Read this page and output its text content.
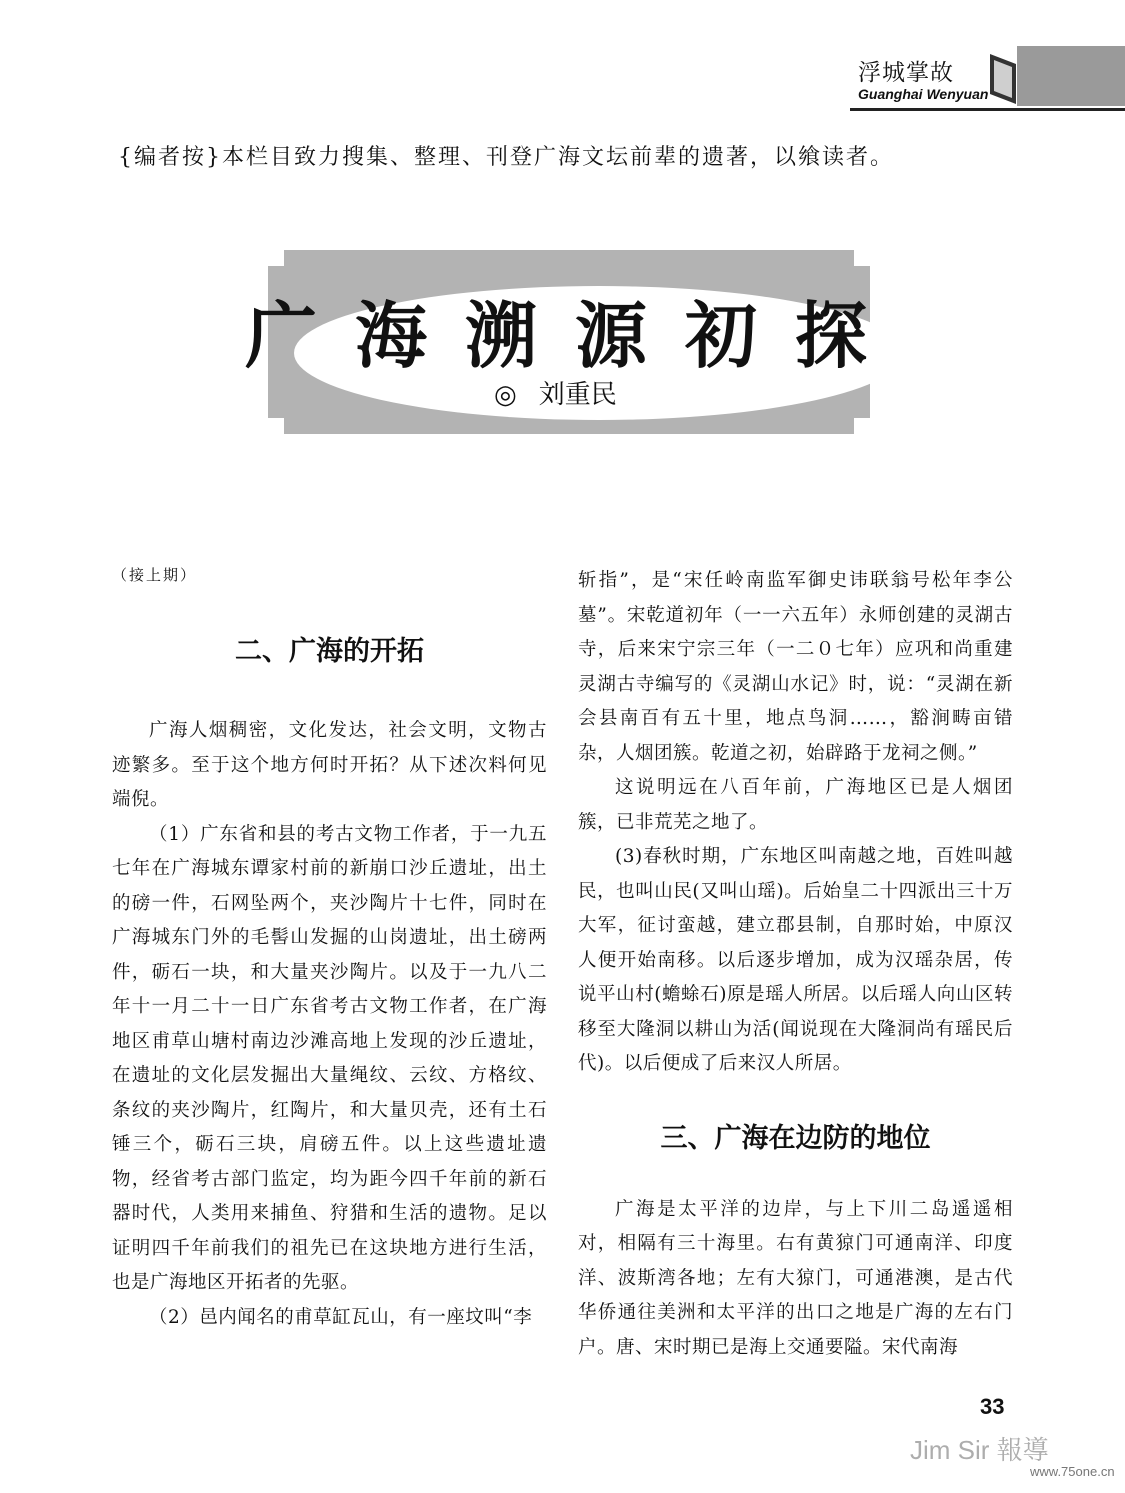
浮城掌故
Guanghai Wenyuan
{编者按}本栏目致力搜集、整理、刊登广海文坛前辈的遗著，以飨读者。
广海溯源初探
◎ 刘重民

（接上期）

二、广海的开拓

广海人烟稠密，文化发达，社会文明，文物古迹繁多。至于这个地方何时开拓？从下述次料何见端倪。

（1）广东省和县的考古文物工作者，于一九五七年在广海城东谭家村前的新崩口沙丘遗址，出土的磅一件，石网坠两个，夹沙陶片十七件，同时在广海城东门外的毛髻山发掘的山岗遗址，出土磅两件，砺石一块，和大量夹沙陶片。以及于一九八二年十一月二十一日广东省考古文物工作者，在广海地区甫草山塘村南边沙滩高地上发现的沙丘遗址，在遗址的文化层发掘出大量绳纹、云纹、方格纹、条纹的夹沙陶片，红陶片，和大量贝壳，还有土石锤三个，砺石三块，肩磅五件。以上这些遗址遗物，经省考古部门监定，均为距今四千年前的新石器时代，人类用来捕鱼、狩猎和生活的遗物。足以证明四千年前我们的祖先已在这块地方进行生活，也是广海地区开拓者的先驱。

（2）邑内闻名的甫草缸瓦山，有一座坟叫“李

斩指”，是“宋任岭南监军御史讳联翁号松年李公墓”。宋乾道初年（一一六五年）永师创建的灵湖古寺，后来宋宁宗三年（一二０七年）应巩和尚重建灵湖古寺编写的《灵湖山水记》时，说：“灵湖在新会县南百有五十里，地点鸟洞……，豁涧畴亩错杂，人烟团簇。乾道之初，始辟路于龙祠之侧。”

这说明远在八百年前，广海地区已是人烟团簇，已非荒芜之地了。

(3)春秋时期，广东地区叫南越之地，百姓叫越民，也叫山民(又叫山瑶)。后始皇二十四派出三十万大军，征讨蛮越，建立郡县制，自那时始，中原汉人便开始南移。以后逐步增加，成为汉瑶杂居，传说平山村(蟾蜍石)原是瑶人所居。以后瑶人向山区转移至大隆洞以耕山为活(闻说现在大隆洞尚有瑶民后代)。以后便成了后来汉人所居。

三、广海在边防的地位

广海是太平洋的边岸，与上下川二岛遥遥相对，相隔有三十海里。右有黄猄门可通南洋、印度洋、波斯湾各地；左有大猄门，可通港澳，是古代华侨通往美洲和太平洋的出口之地是广海的左右门户。唐、宋时期已是海上交通要隘。宋代南海

33
Jim Sir 報導
www.75one.cn
